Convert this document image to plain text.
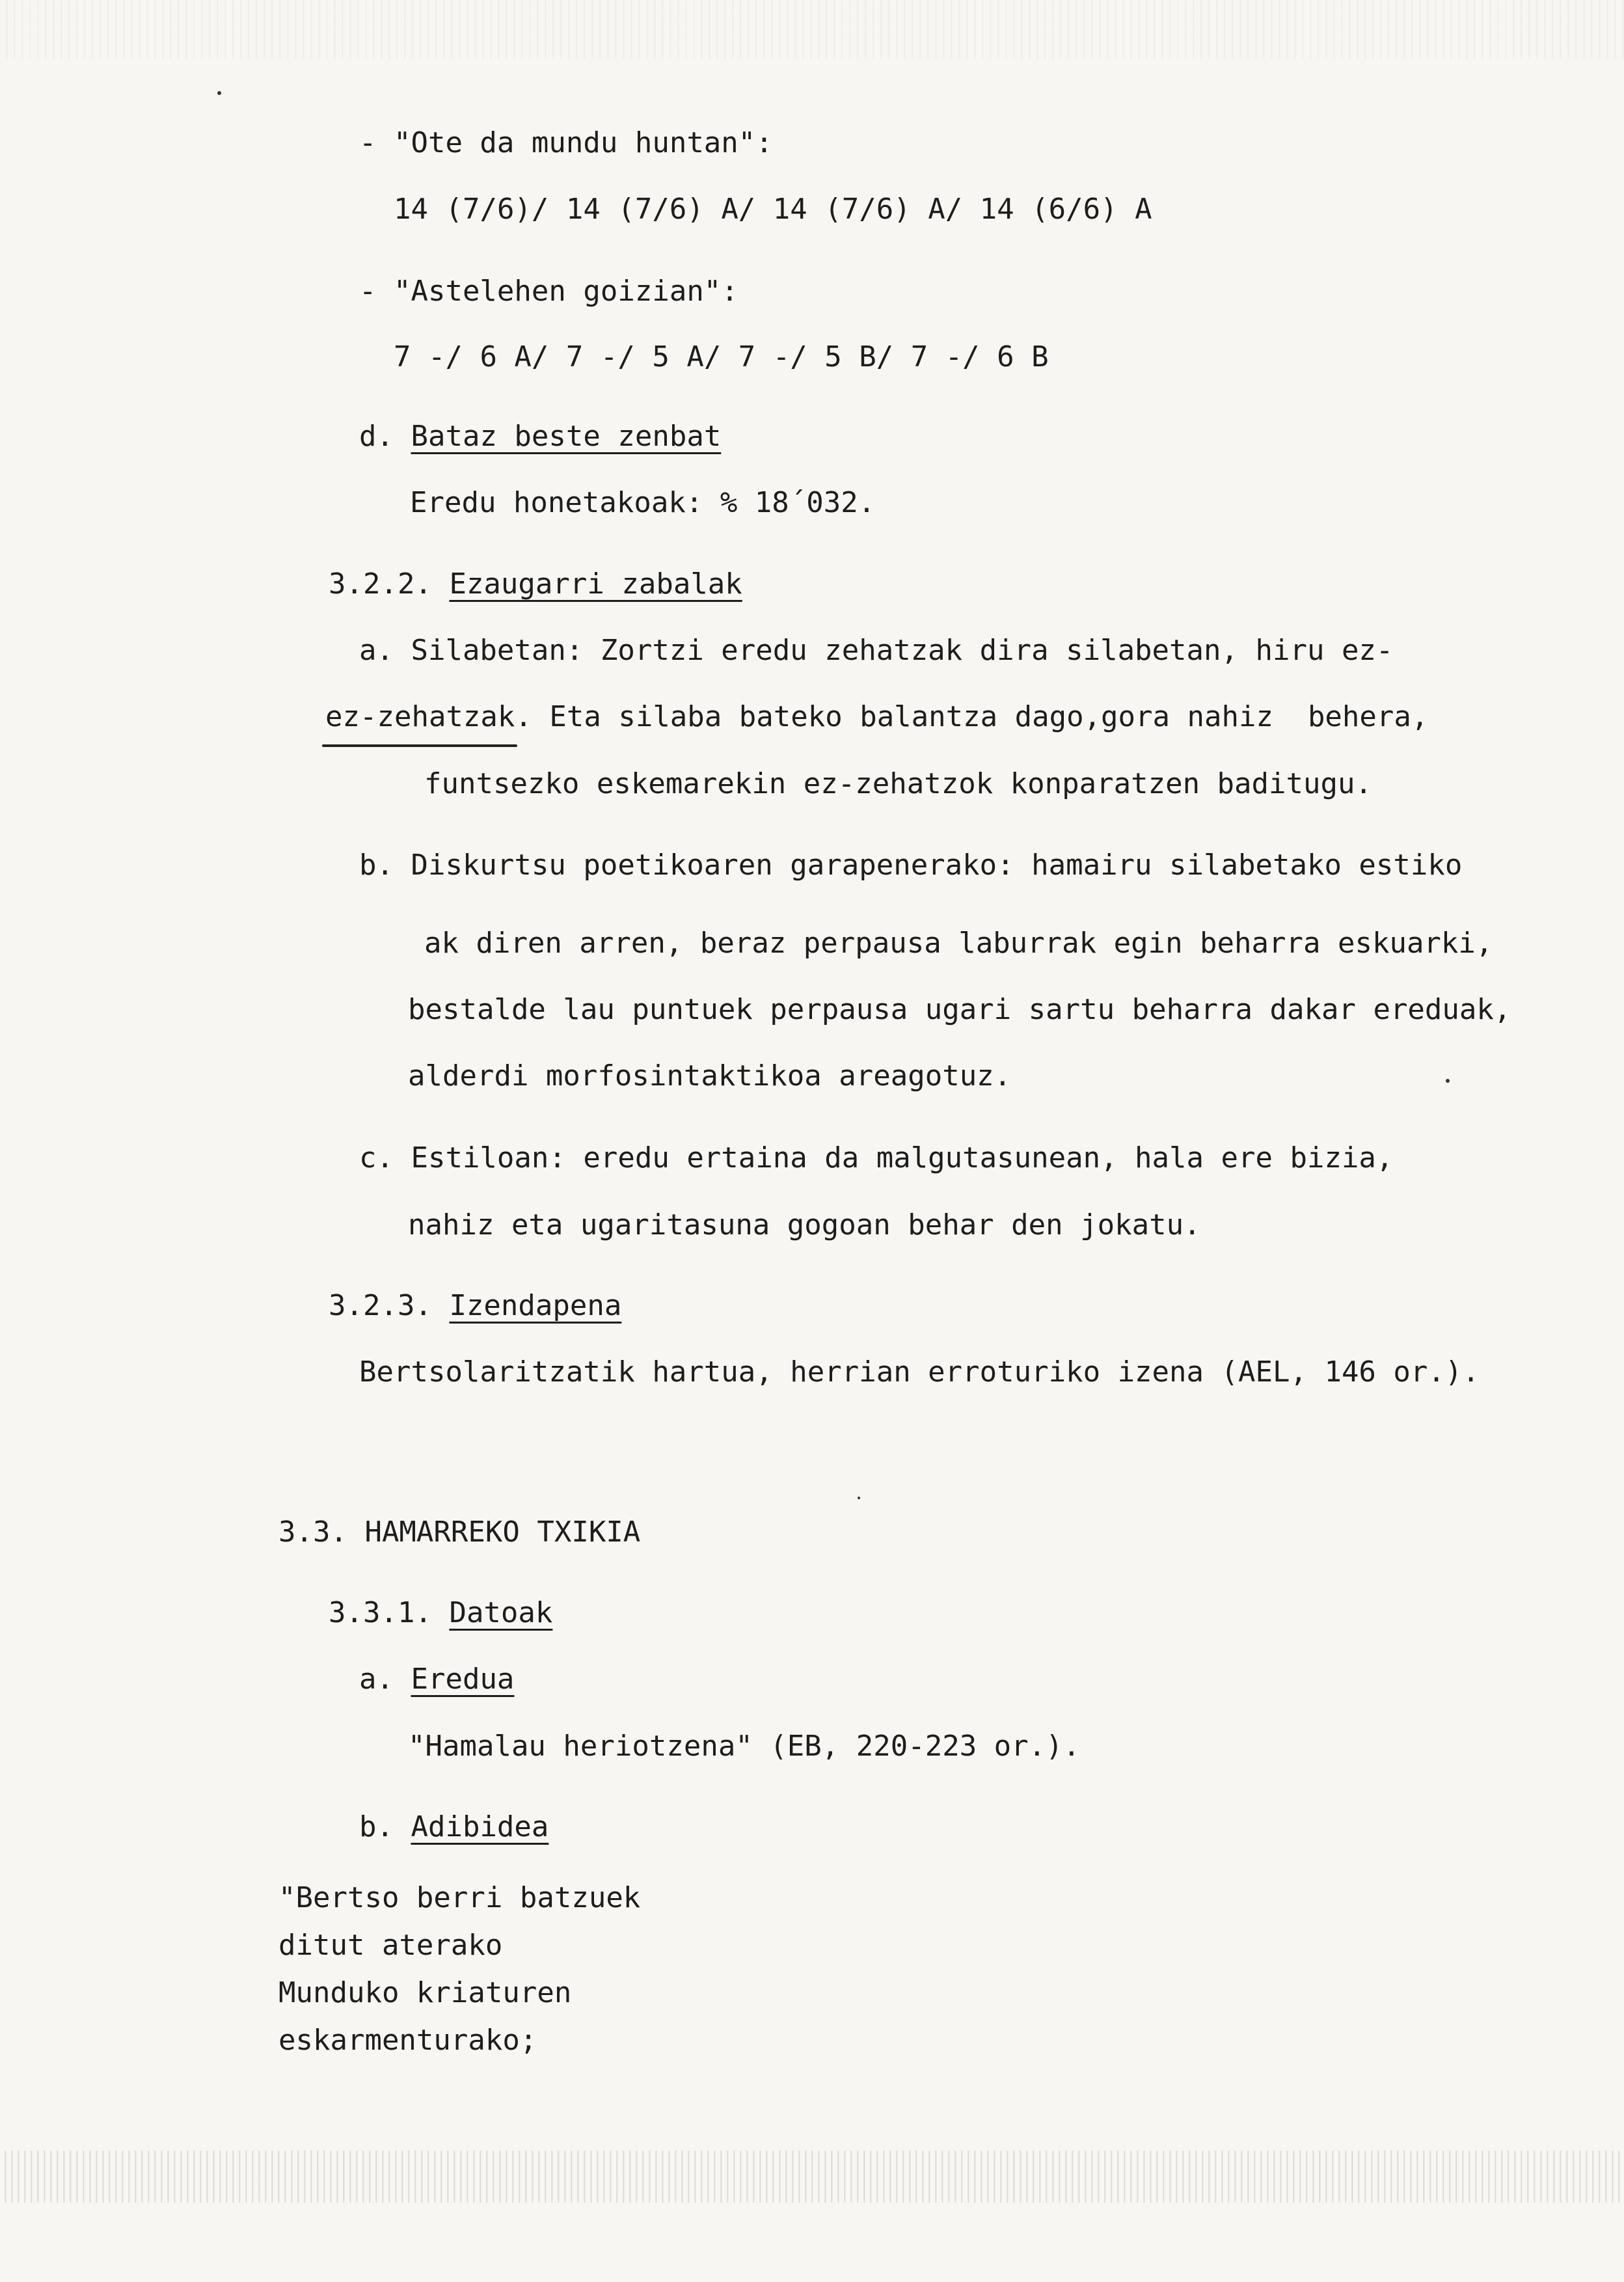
- "Ote da mundu huntan":
14 (7/6)/ 14 (7/6) A/ 14 (7/6) A/ 14 (6/6) A
- "Astelehen goizian":
7 -/ 6 A/ 7 -/ 5 A/ 7 -/ 5 B/ 7 -/ 6 B
d. Bataz beste zenbat
Eredu honetakoak: % 18´032.
3.2.2. Ezaugarri zabalak
a. Silabetan: Zortzi eredu zehatzak dira silabetan, hiru ez-
ez-zehatzak. Eta silaba bateko balantza dago,gora nahiz  behera,
funtsezko eskemarekin ez-zehatzok konparatzen baditugu.
b. Diskurtsu poetikoaren garapenerako: hamairu silabetako estiko
ak diren arren, beraz perpausa laburrak egin beharra eskuarki,
bestalde lau puntuek perpausa ugari sartu beharra dakar ereduak,
alderdi morfosintaktikoa areagotuz.
c. Estiloan: eredu ertaina da malgutasunean, hala ere bizia,
nahiz eta ugaritasuna gogoan behar den jokatu.
3.2.3. Izendapena
Bertsolaritzatik hartua, herrian erroturiko izena (AEL, 146 or.).
3.3. HAMARREKO TXIKIA
3.3.1. Datoak
a. Eredua
"Hamalau heriotzena" (EB, 220-223 or.).
b. Adibidea
"Bertso berri batzuek
ditut aterako
Munduko kriaturen
eskarmenturako;
